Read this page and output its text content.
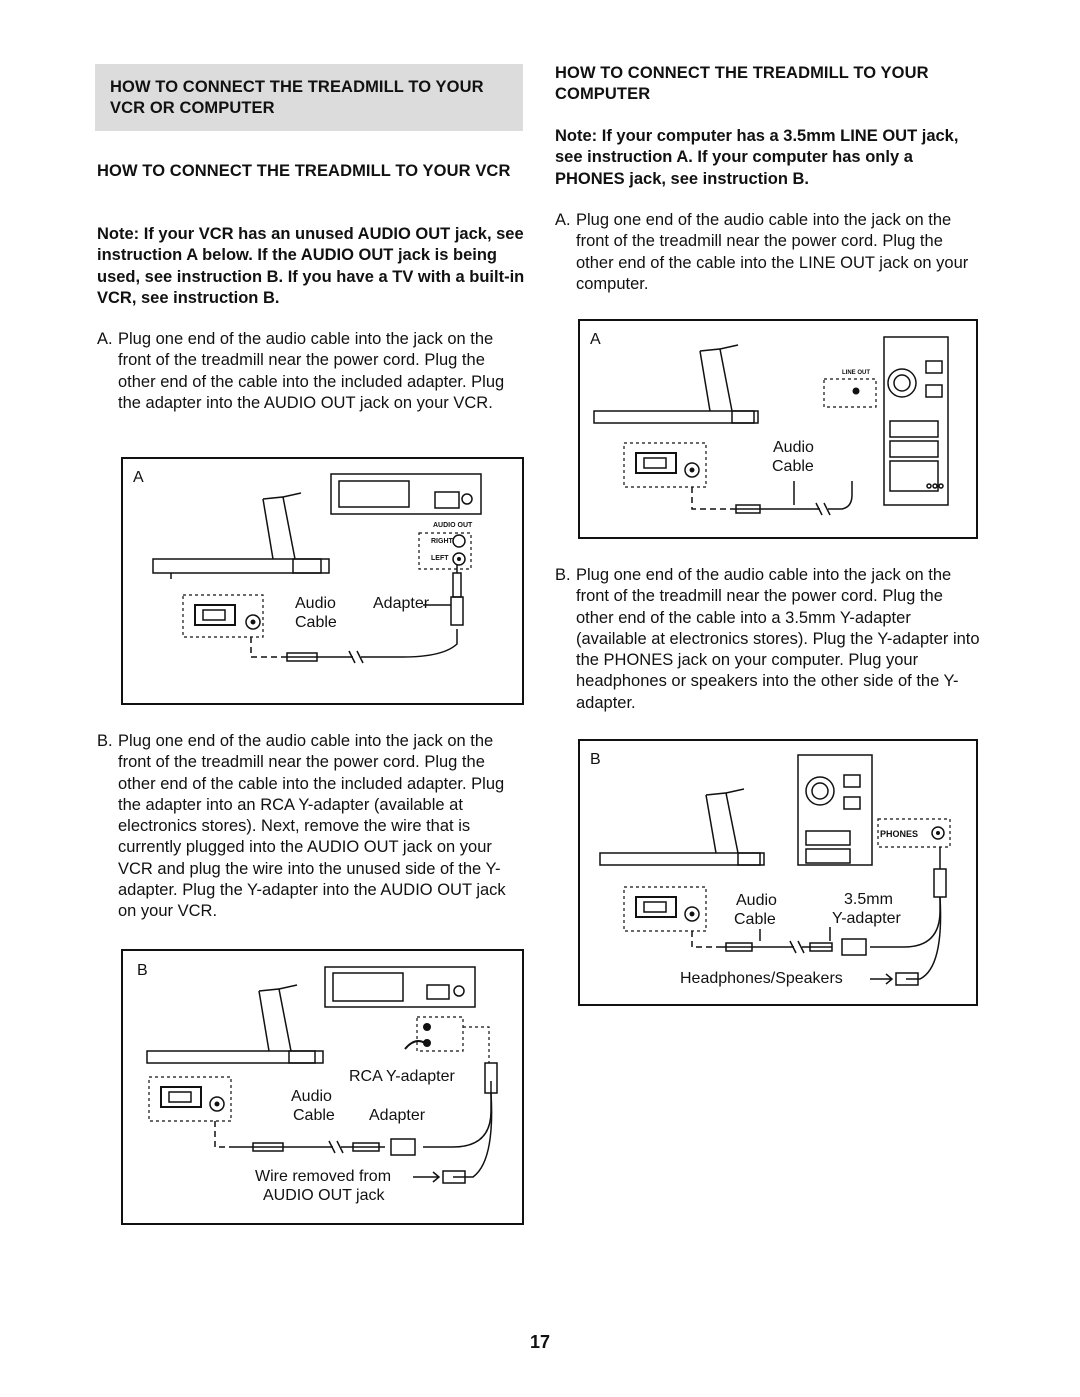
HOW TO CONNECT THE TREADMILL TO YOUR VCR OR COMPUTER
HOW TO CONNECT THE TREADMILL TO YOUR VCR
Note: If your VCR has an unused AUDIO OUT jack, see instruction A below. If the AUDIO OUT jack is being used, see instruction B. If you have a TV with a built-in VCR, see instruction B.
A. Plug one end of the audio cable into the jack on the front of the treadmill near the power cord. Plug the other end of the cable into the included adapter. Plug the adapter into the AUDIO OUT jack on your VCR.
A
AUDIO OUT
RIGHT
LEFT
Audio
Cable
Adapter
B. Plug one end of the audio cable into the jack on the front of the treadmill near the power cord. Plug the other end of the cable into the included adapter. Plug the adapter into an RCA Y-adapter (available at electronics stores). Next, remove the wire that is currently plugged into the AUDIO OUT jack on your VCR and plug the wire into the unused side of the Y-adapter. Plug the Y-adapter into the AUDIO OUT jack on your VCR.
B
RCA Y-adapter
Audio
Cable Adapter
Wire removed from
AUDIO OUT jack
HOW TO CONNECT THE TREADMILL TO YOUR COMPUTER
Note: If your computer has a 3.5mm LINE OUT jack, see instruction A. If your computer has only a PHONES jack, see instruction B.
A. Plug one end of the audio cable into the jack on the front of the treadmill near the power cord. Plug the other end of the cable into the LINE OUT jack on your computer.
A
LINE OUT
Audio
Cable
B. Plug one end of the audio cable into the jack on the front of the treadmill near the power cord. Plug the other end of the cable into a 3.5mm Y-adapter (available at electronics stores). Plug the Y-adapter into the PHONES jack on your computer. Plug your headphones or speakers into the other side of the Y-adapter.
B
PHONES
Audio
Cable
3.5mm
Y-adapter
Headphones/Speakers
17
